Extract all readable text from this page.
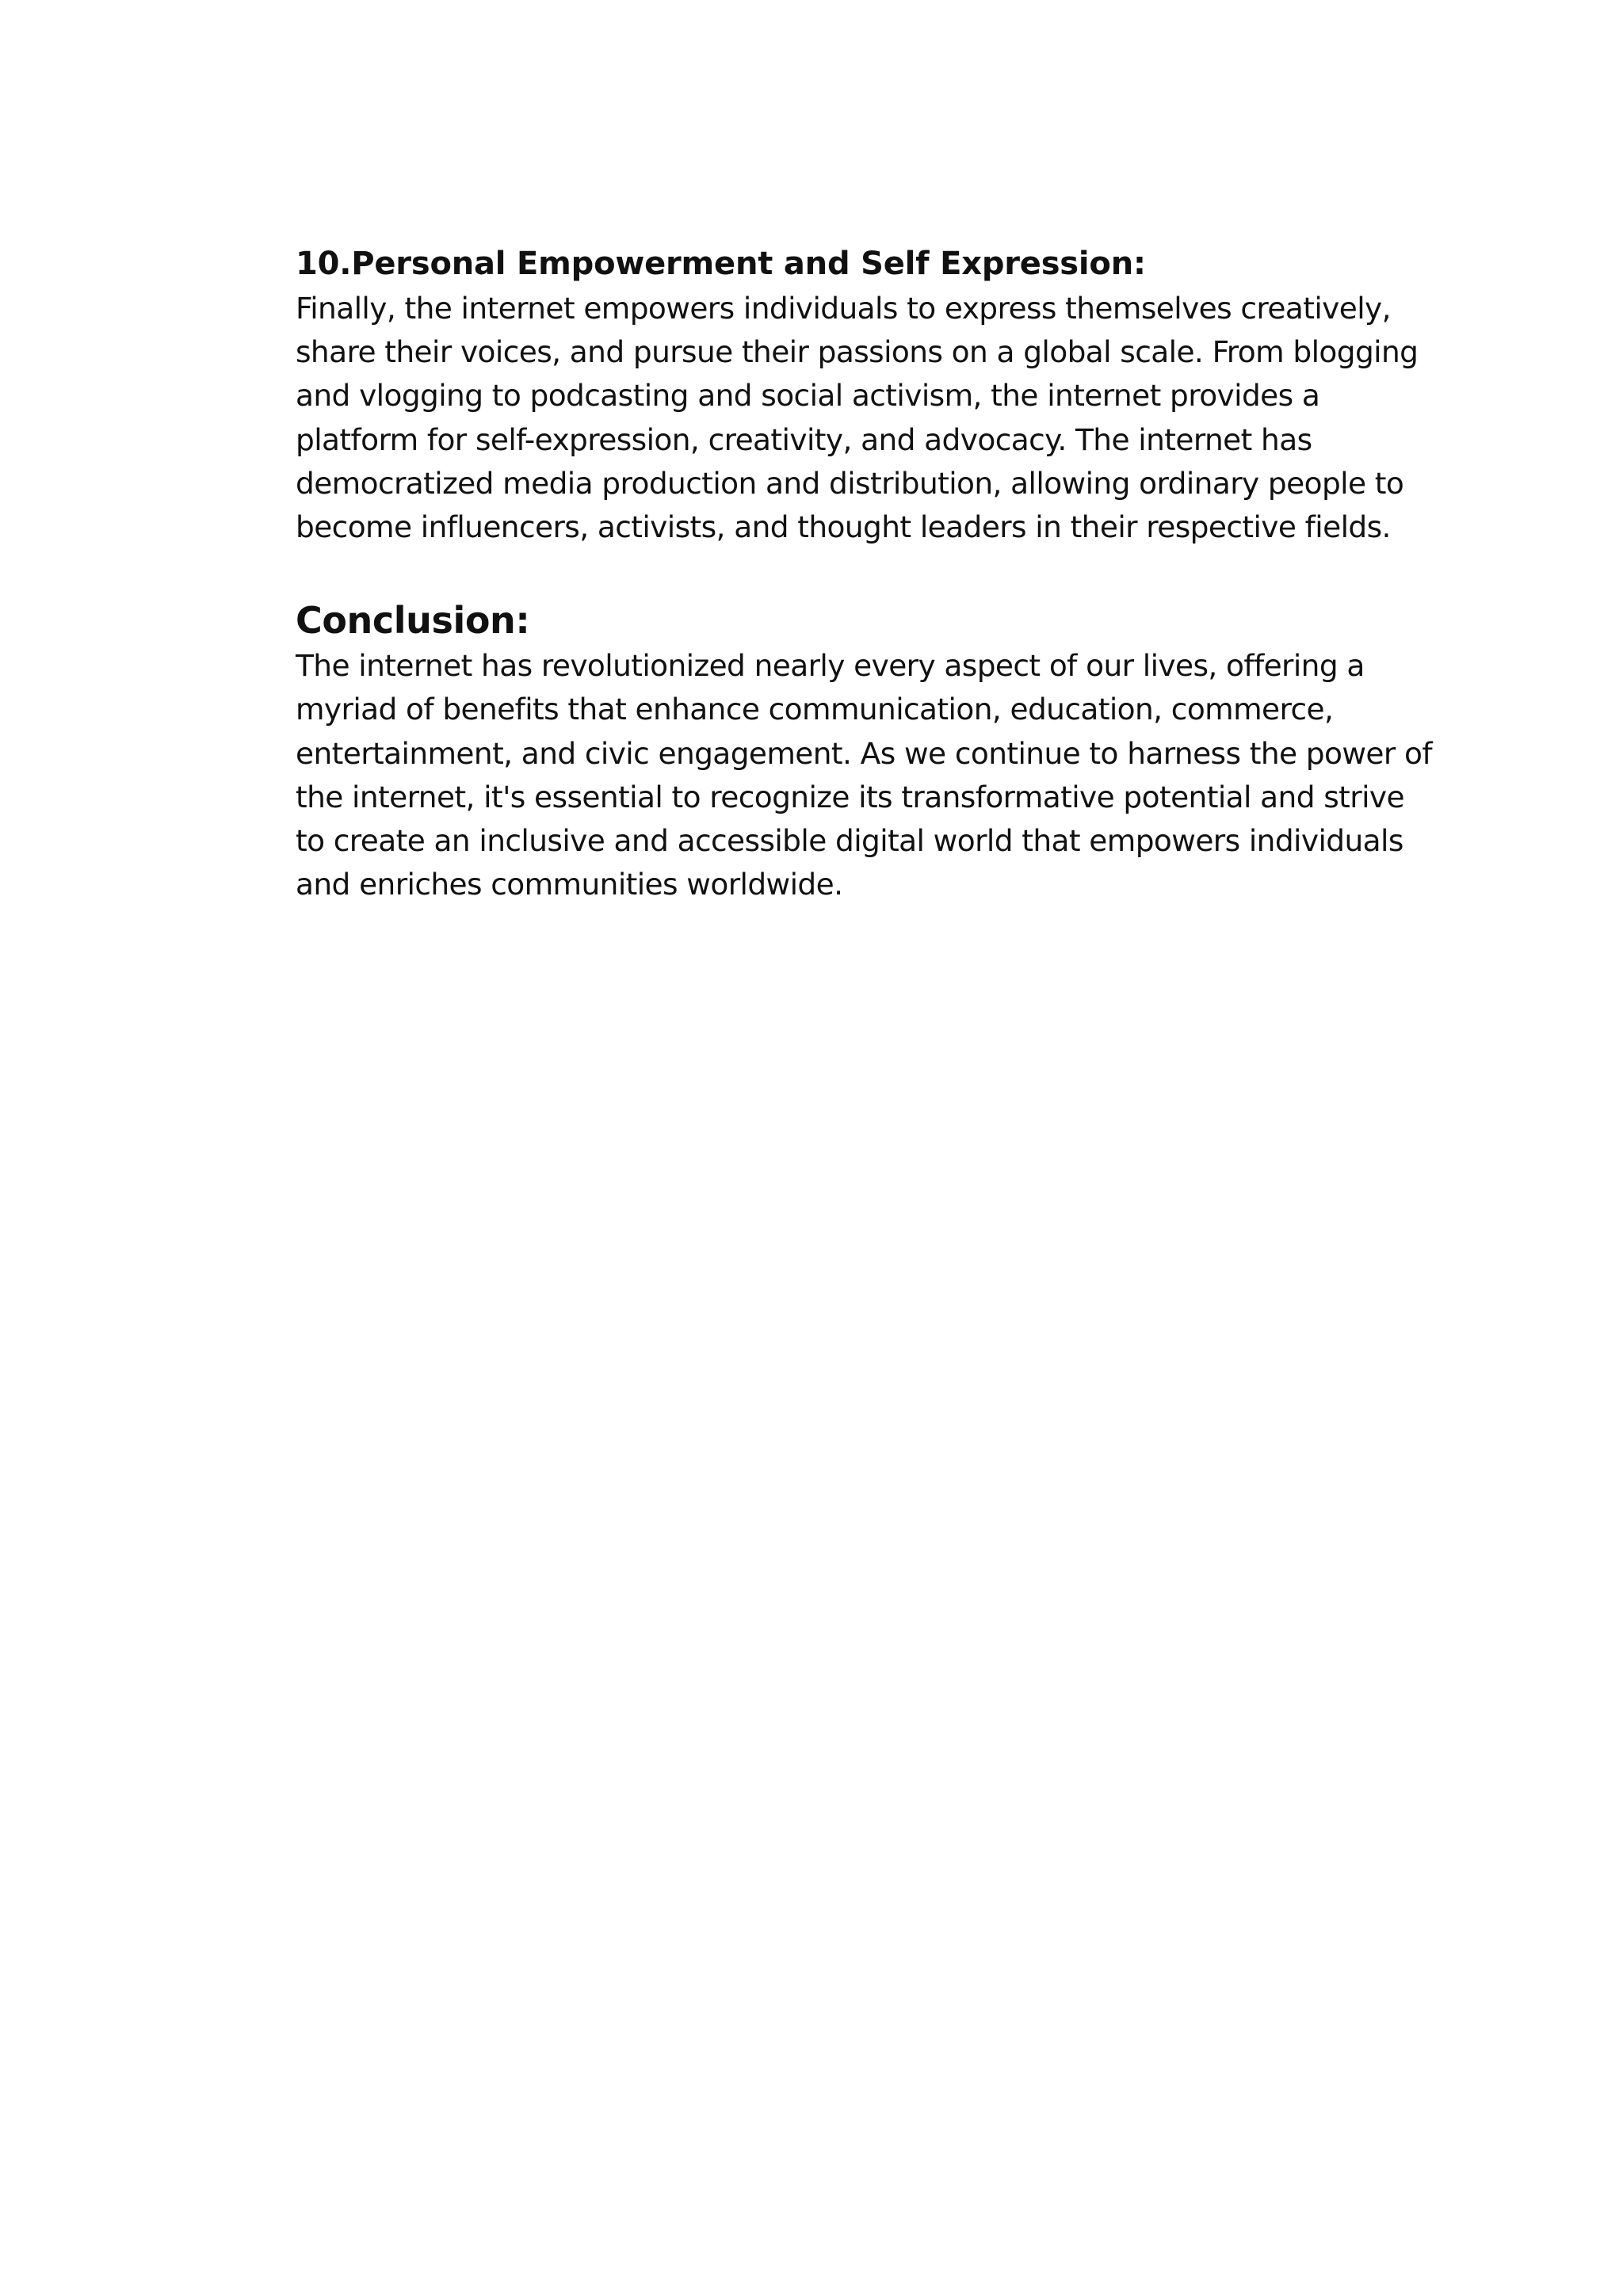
10.Personal Empowerment and Self Expression:

Finally, the internet empowers individuals to express themselves creatively,
share their voices, and pursue their passions on a global scale. From blogging
and vlogging to podcasting and social activism, the internet provides a
platform for self-expression, creativity, and advocacy. The internet has
democratized media production and distribution, allowing ordinary people to
become influencers, activists, and thought leaders in their respective fields.

Conclusion:

The internet has revolutionized nearly every aspect of our lives, offering a
myriad of benefits that enhance communication, education, commerce,
entertainment, and civic engagement. As we continue to harness the power of
the internet, it's essential to recognize its transformative potential and strive
to create an inclusive and accessible digital world that empowers individuals
and enriches communities worldwide.
